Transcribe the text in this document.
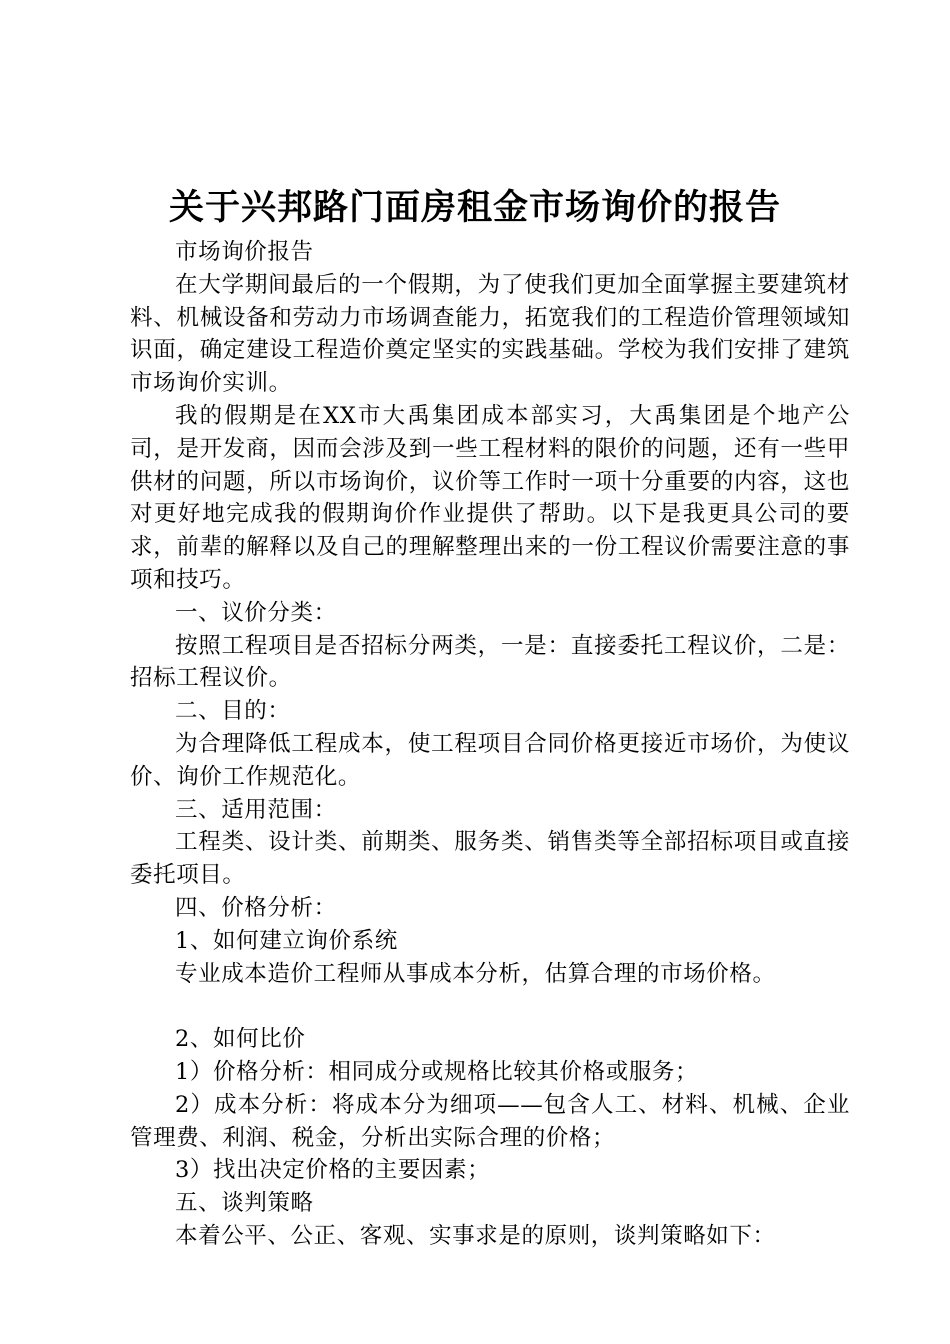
关于兴邦路门面房租金市场询价的报告

市场询价报告

在大学期间最后的一个假期，为了使我们更加全面掌握主要建筑材料、机械设备和劳动力市场调查能力，拓宽我们的工程造价管理领域知识面，确定建设工程造价奠定坚实的实践基础。学校为我们安排了建筑市场询价实训。

我的假期是在XX市大禹集团成本部实习，大禹集团是个地产公司，是开发商，因而会涉及到一些工程材料的限价的问题，还有一些甲供材的问题，所以市场询价，议价等工作时一项十分重要的内容，这也对更好地完成我的假期询价作业提供了帮助。以下是我更具公司的要求，前辈的解释以及自己的理解整理出来的一份工程议价需要注意的事项和技巧。

一、议价分类：

按照工程项目是否招标分两类，一是：直接委托工程议价，二是：招标工程议价。

二、目的：

为合理降低工程成本，使工程项目合同价格更接近市场价，为使议价、询价工作规范化。

三、适用范围：

工程类、设计类、前期类、服务类、销售类等全部招标项目或直接委托项目。

四、价格分析：

1、如何建立询价系统

专业成本造价工程师从事成本分析，估算合理的市场价格。

2、如何比价

1）价格分析：相同成分或规格比较其价格或服务；

2）成本分析：将成本分为细项——包含人工、材料、机械、企业管理费、利润、税金，分析出实际合理的价格；

3）找出决定价格的主要因素；

五、谈判策略

本着公平、公正、客观、实事求是的原则，谈判策略如下：
